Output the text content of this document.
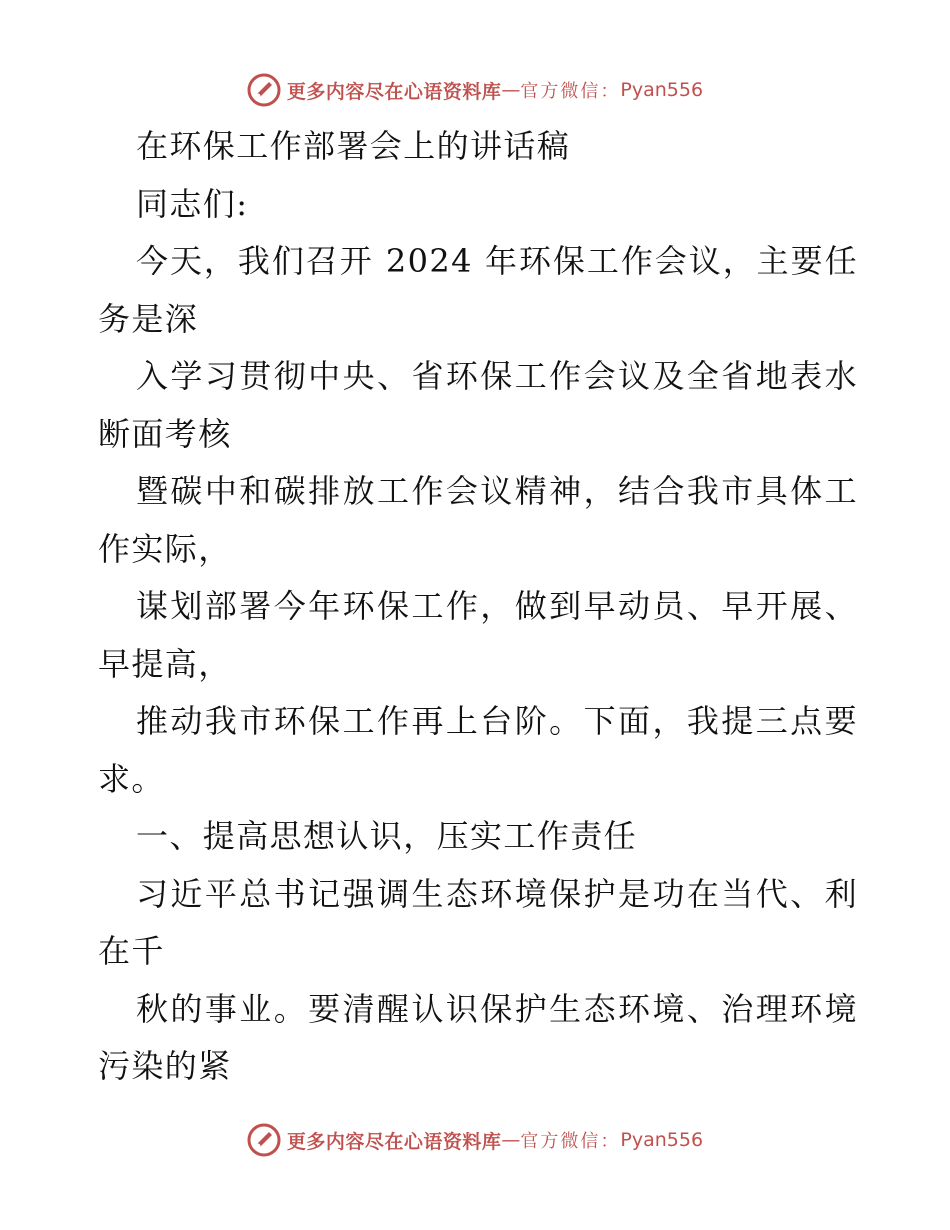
更多内容尽在心语资料库 — 官方微信： Pyan556
在环保工作部署会上的讲话稿
同志们:
今天，我们召开 2024 年环保工作会议，主要任
务是深
入学习贯彻中央、省环保工作会议及全省地表水
断面考核
暨碳中和碳排放工作会议精神，结合我市具体工
作实际，
谋划部署今年环保工作，做到早动员、早开展、
早提高，
推动我市环保工作再上台阶。下面，我提三点要
求。
一、提高思想认识，压实工作责任
习近平总书记强调生态环境保护是功在当代、利
在千
秋的事业。要清醒认识保护生态环境、治理环境
污染的紧
更多内容尽在心语资料库 — 官方微信： Pyan556
